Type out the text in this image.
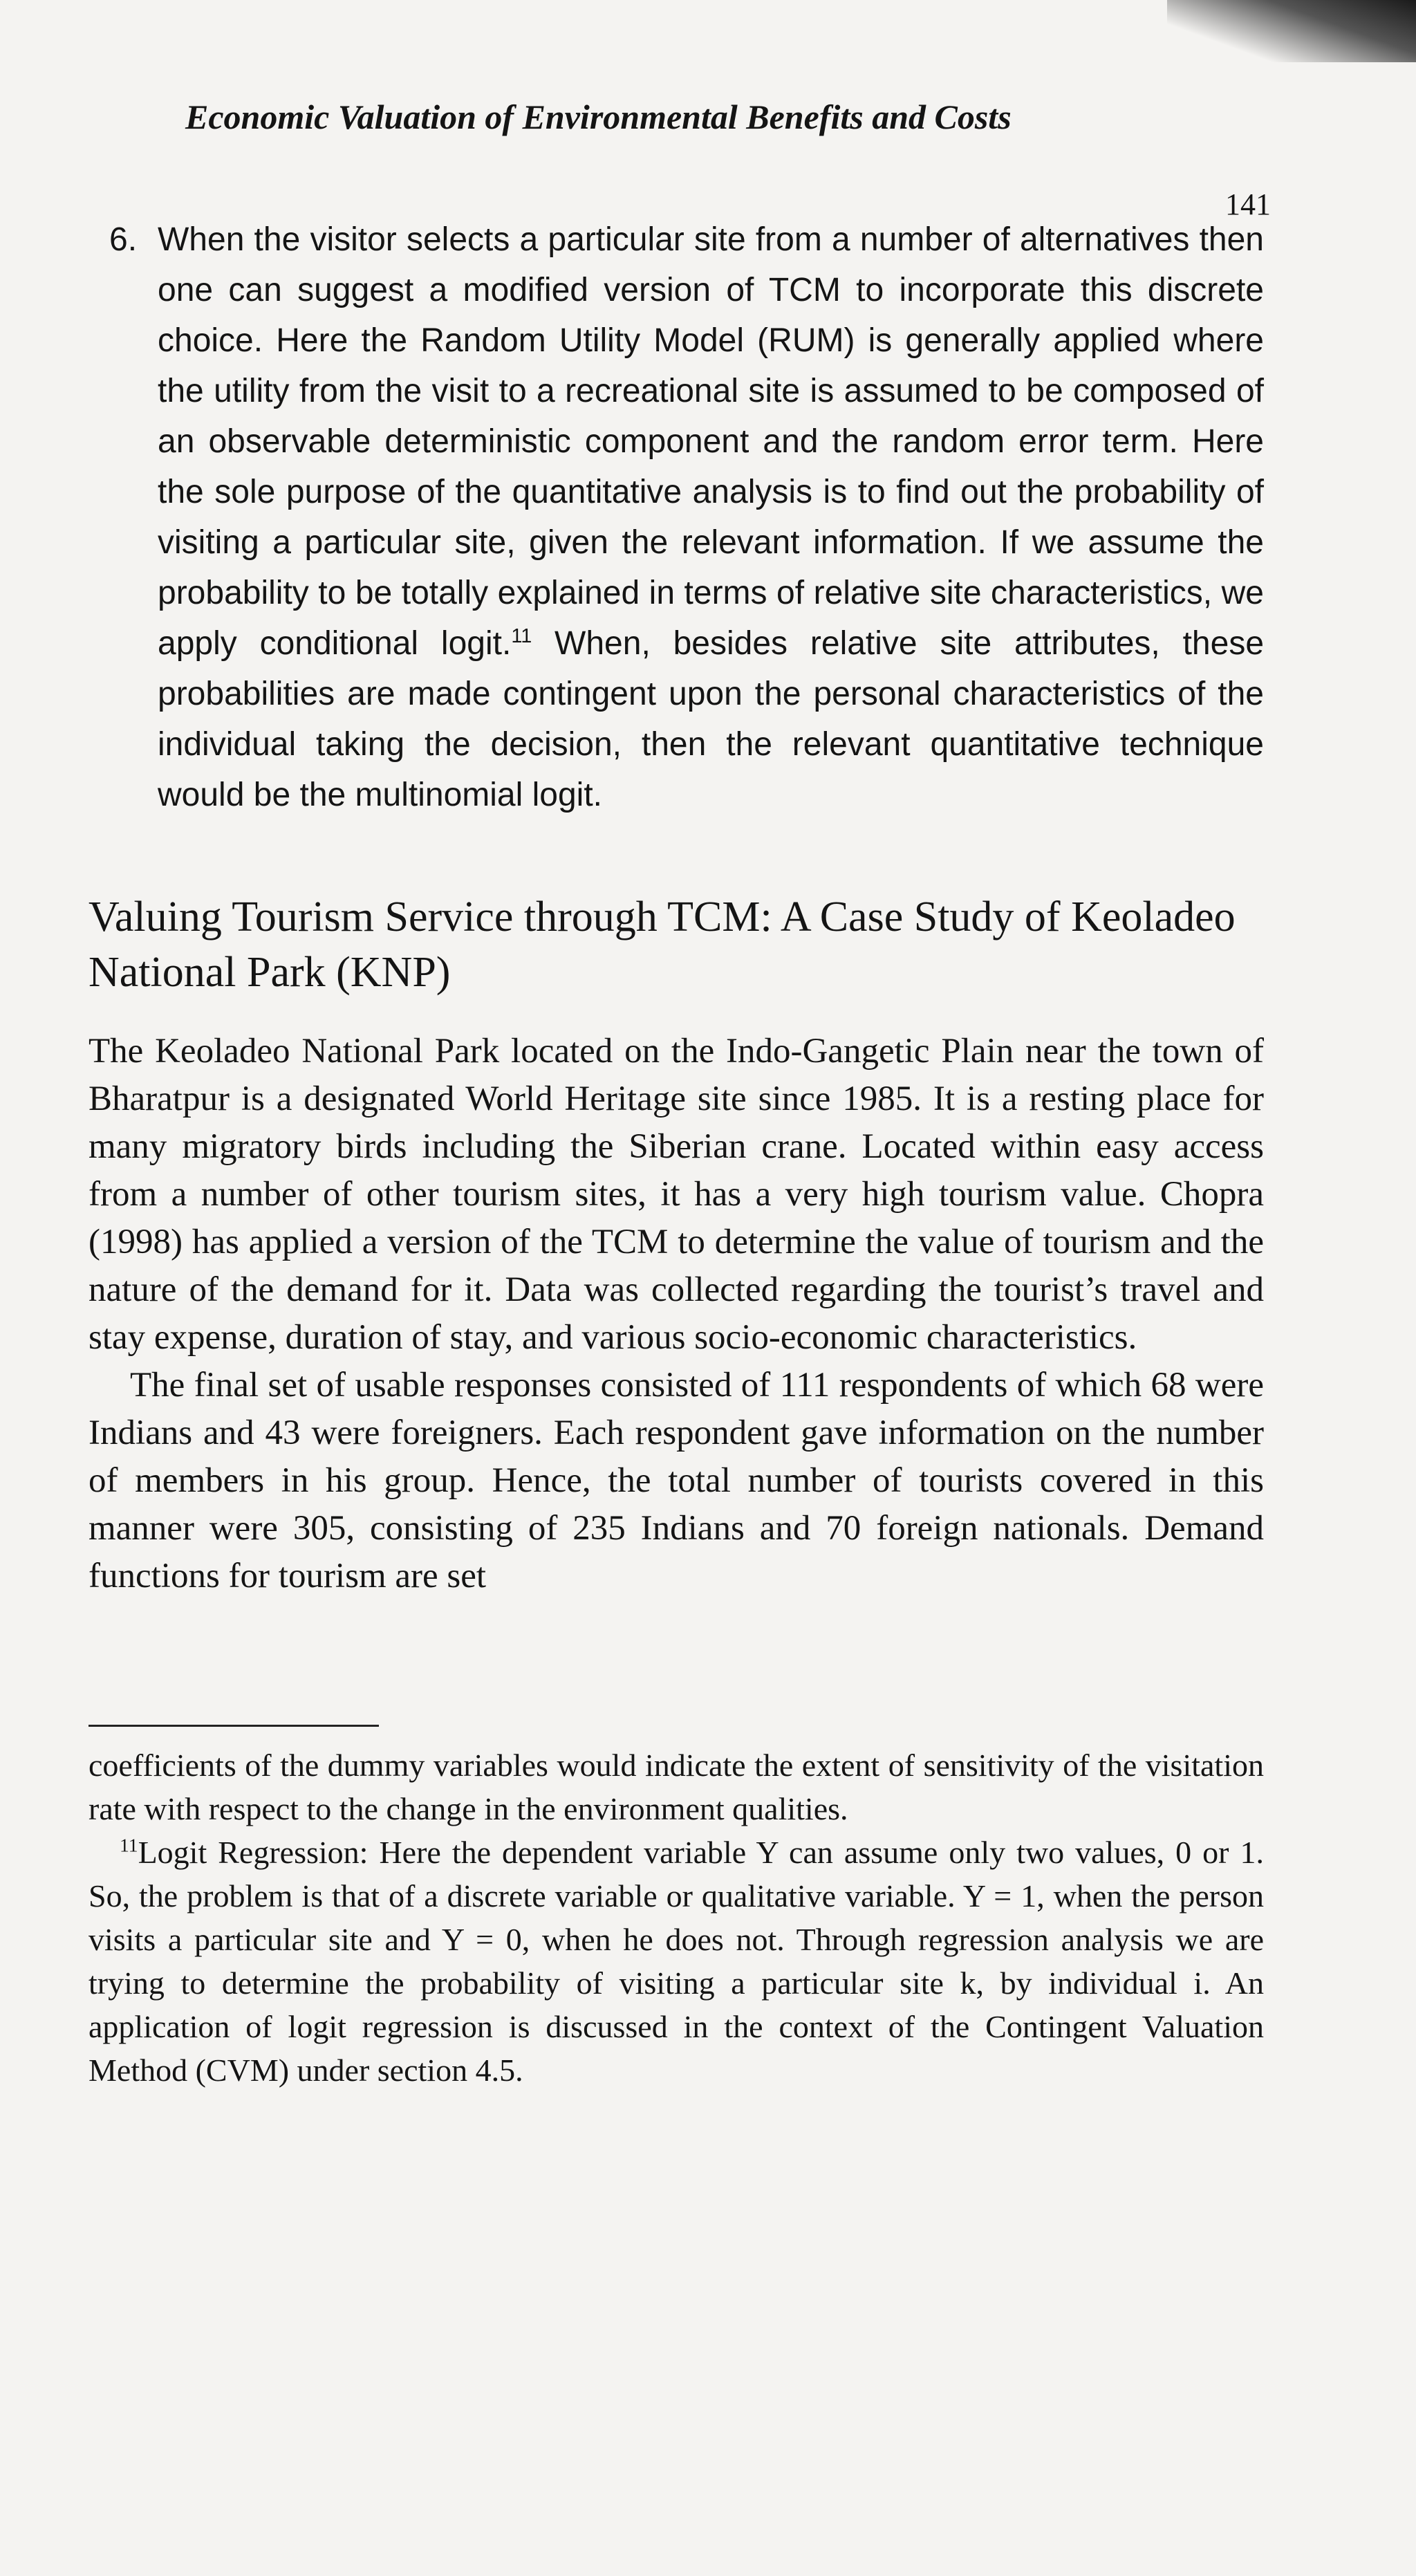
Economic Valuation of Environmental Benefits and Costs
141
6. When the visitor selects a particular site from a number of alternatives then one can suggest a modified version of TCM to incorporate this discrete choice. Here the Random Utility Model (RUM) is generally applied where the utility from the visit to a recreational site is assumed to be composed of an observable deterministic component and the random error term. Here the sole purpose of the quantitative analysis is to find out the probability of visiting a particular site, given the relevant information. If we assume the probability to be totally explained in terms of relative site characteristics, we apply conditional logit.$^{11}$ When, besides relative site attributes, these probabilities are made contingent upon the personal characteristics of the individual taking the decision, then the relevant quantitative technique would be the multinomial logit.
Valuing Tourism Service through TCM: A Case Study of Keoladeo National Park (KNP)

The Keoladeo National Park located on the Indo-Gangetic Plain near the town of Bharatpur is a designated World Heritage site since 1985. It is a resting place for many migratory birds including the Siberian crane. Located within easy access from a number of other tourism sites, it has a very high tourism value. Chopra (1998) has applied a version of the TCM to determine the value of tourism and the nature of the demand for it. Data was collected regarding the tourist’s travel and stay expense, duration of stay, and various socio-economic characteristics.

The final set of usable responses consisted of 111 respondents of which 68 were Indians and 43 were foreigners. Each respondent gave information on the number of members in his group. Hence, the total number of tourists covered in this manner were 305, consisting of 235 Indians and 70 foreign nationals. Demand functions for tourism are set

coefficients of the dummy variables would indicate the extent of sensitivity of the visitation rate with respect to the change in the environment qualities.

$^{11}$Logit Regression: Here the dependent variable Y can assume only two values, 0 or 1. So, the problem is that of a discrete variable or qualitative variable. Y = 1, when the person visits a particular site and Y = 0, when he does not. Through regression analysis we are trying to determine the probability of visiting a particular site k, by individual i. An application of logit regression is discussed in the context of the Contingent Valuation Method (CVM) under section 4.5.
